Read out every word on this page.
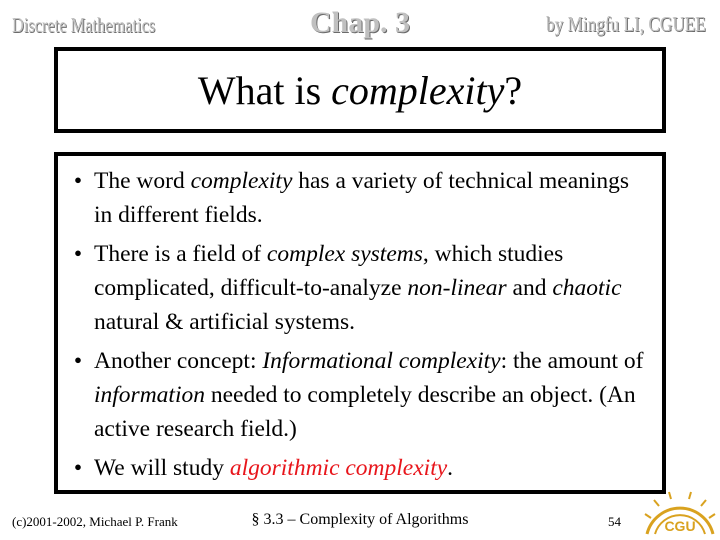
Discrete Mathematics	Chap. 3	by Mingfu LI, CGUEE
What is complexity?
• The word complexity has a variety of technical meanings in different fields.
• There is a field of complex systems, which studies complicated, difficult-to-analyze non-linear and chaotic natural & artificial systems.
• Another concept: Informational complexity: the amount of information needed to completely describe an object. (An active research field.)
• We will study algorithmic complexity.
(c)2001-2002, Michael P. Frank	§ 3.3 – Complexity of Algorithms	54	CGU
